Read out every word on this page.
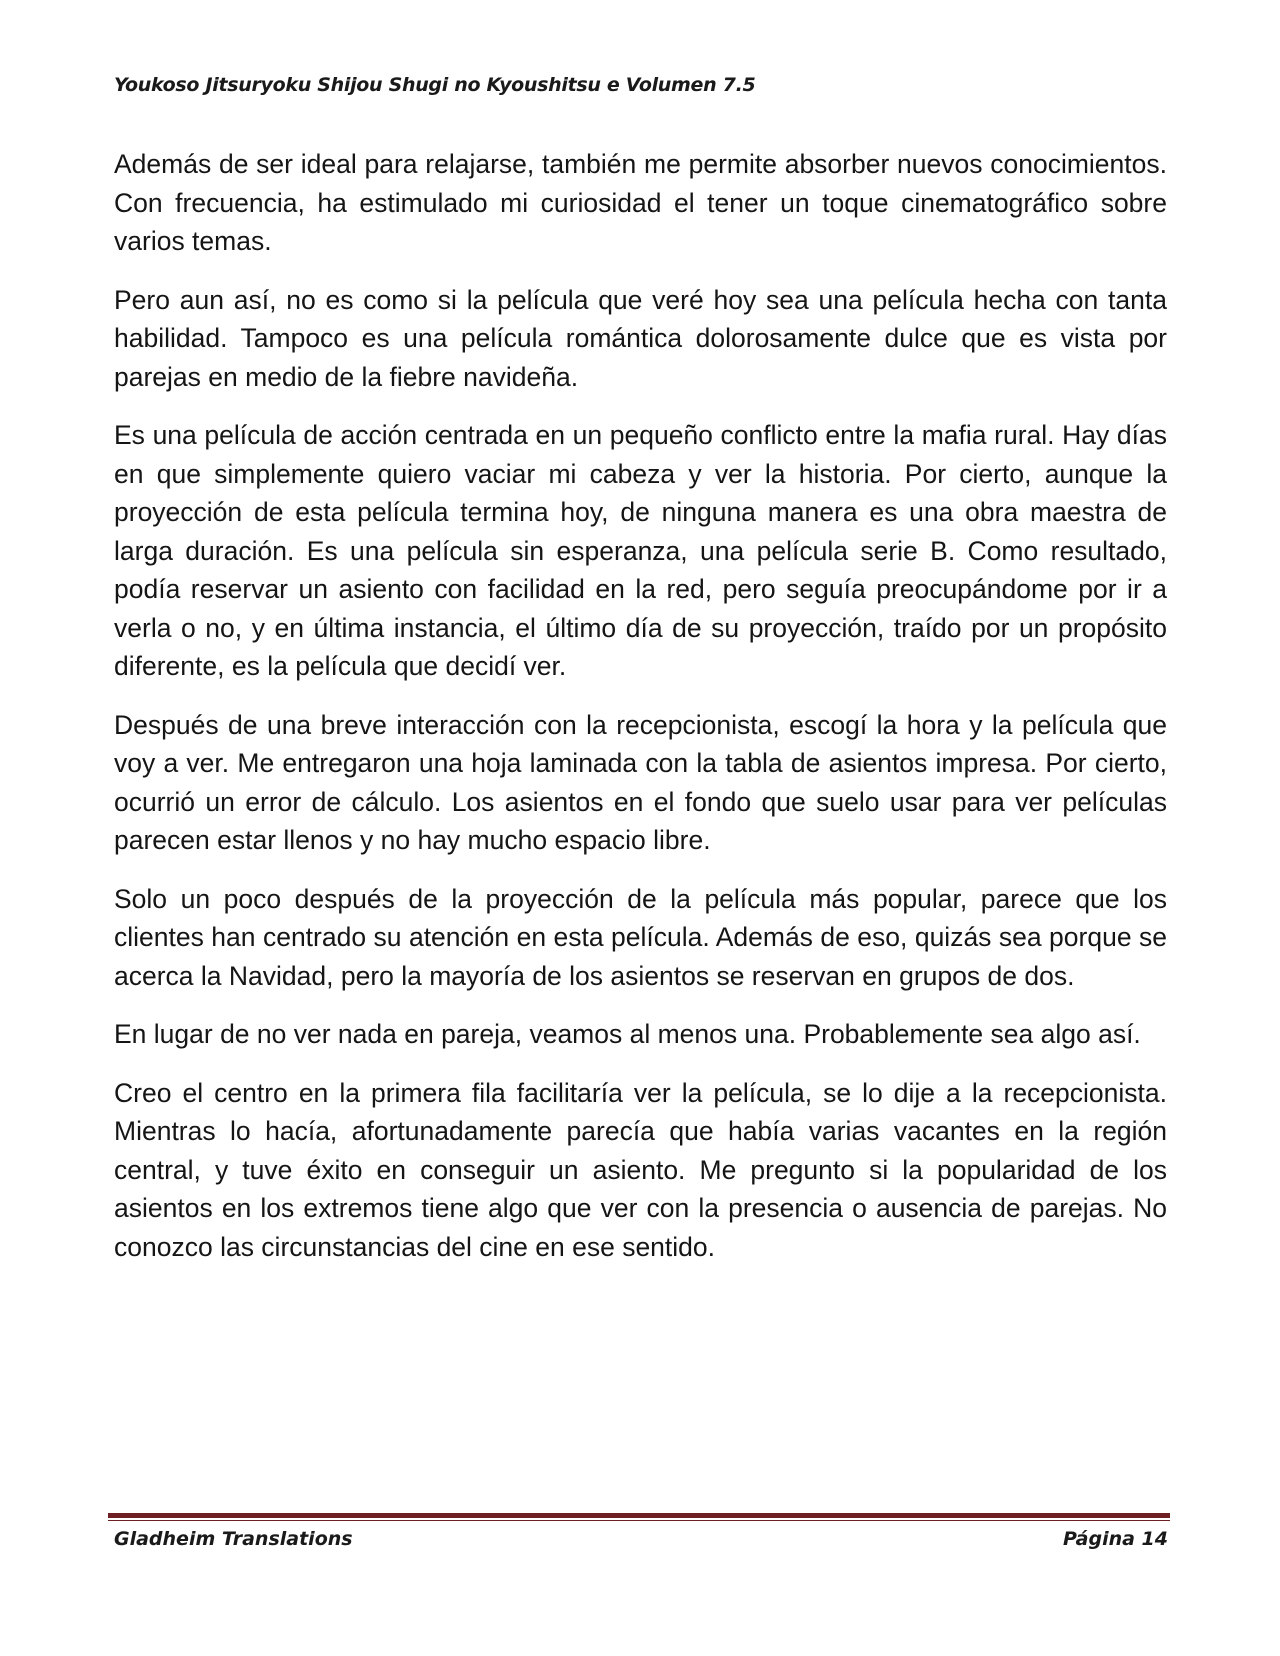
Youkoso Jitsuryoku Shijou Shugi no Kyoushitsu e Volumen 7.5

Además de ser ideal para relajarse, también me permite absorber nuevos conocimientos. Con frecuencia, ha estimulado mi curiosidad el tener un toque cinematográfico sobre varios temas.

Pero aun así, no es como si la película que veré hoy sea una película hecha con tanta habilidad. Tampoco es una película romántica dolorosamente dulce que es vista por parejas en medio de la fiebre navideña.

Es una película de acción centrada en un pequeño conflicto entre la mafia rural. Hay días en que simplemente quiero vaciar mi cabeza y ver la historia. Por cierto, aunque la proyección de esta película termina hoy, de ninguna manera es una obra maestra de larga duración. Es una película sin esperanza, una película serie B. Como resultado, podía reservar un asiento con facilidad en la red, pero seguía preocupándome por ir a verla o no, y en última instancia, el último día de su proyección, traído por un propósito diferente, es la película que decidí ver.

Después de una breve interacción con la recepcionista, escogí la hora y la película que voy a ver. Me entregaron una hoja laminada con la tabla de asientos impresa. Por cierto, ocurrió un error de cálculo. Los asientos en el fondo que suelo usar para ver películas parecen estar llenos y no hay mucho espacio libre.

Solo un poco después de la proyección de la película más popular, parece que los clientes han centrado su atención en esta película. Además de eso, quizás sea porque se acerca la Navidad, pero la mayoría de los asientos se reservan en grupos de dos.

En lugar de no ver nada en pareja, veamos al menos una. Probablemente sea algo así.

Creo el centro en la primera fila facilitaría ver la película, se lo dije a la recepcionista. Mientras lo hacía, afortunadamente parecía que había varias vacantes en la región central, y tuve éxito en conseguir un asiento. Me pregunto si la popularidad de los asientos en los extremos tiene algo que ver con la presencia o ausencia de parejas. No conozco las circunstancias del cine en ese sentido.

Gladheim Translations	Página 14
